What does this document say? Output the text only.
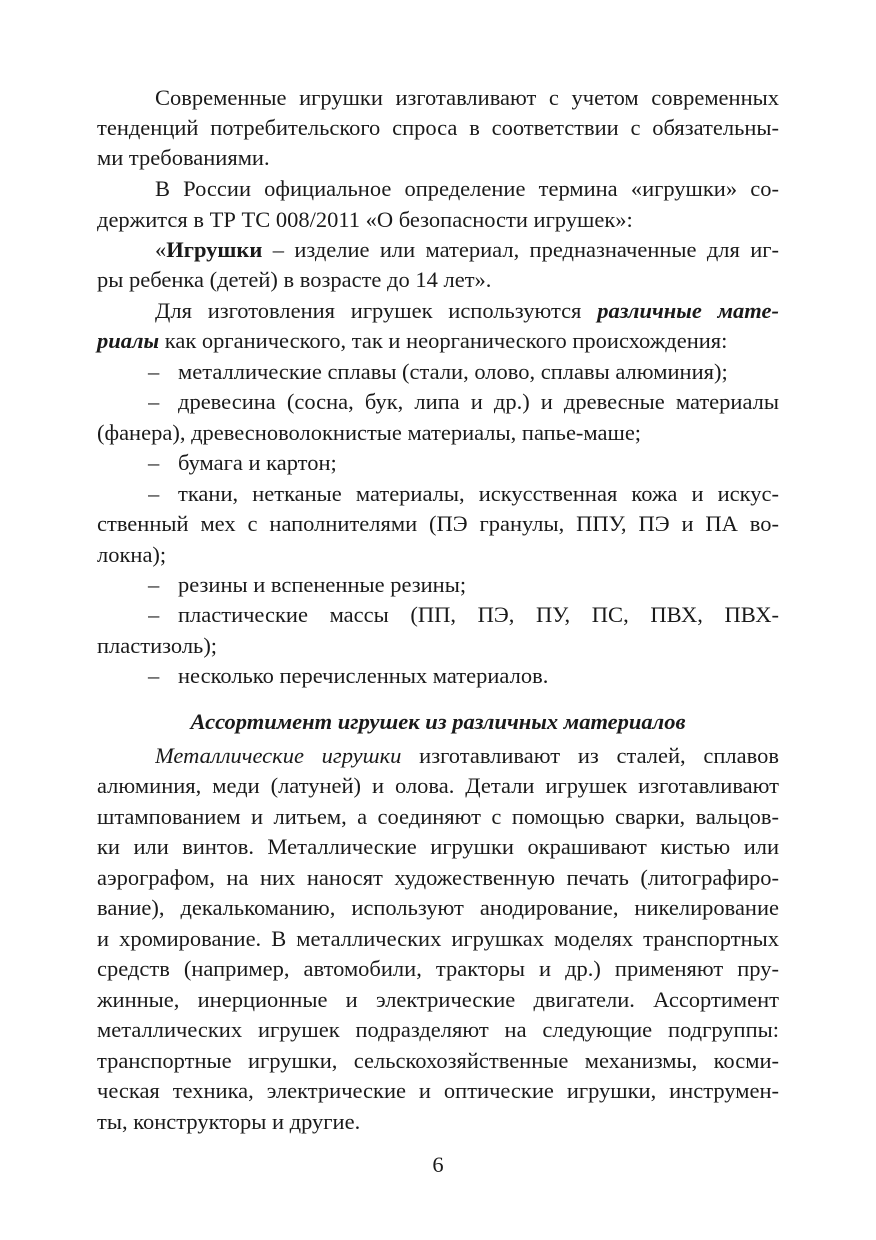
Современные игрушки изготавливают с учетом современных
тенденций потребительского спроса в соответствии с обязательны-
ми требованиями.
В России официальное определение термина «игрушки» со-
держится в ТР ТС 008/2011 «О безопасности игрушек»:
«Игрушки – изделие или материал, предназначенные для иг-
ры ребенка (детей) в возрасте до 14 лет».
Для изготовления игрушек используются различные мате-
риалы как органического, так и неорганического происхождения:
– металлические сплавы (стали, олово, сплавы алюминия);
– древесина (сосна, бук, липа и др.) и древесные материалы
(фанера), древесноволокнистые материалы, папье-маше;
– бумага и картон;
– ткани, нетканые материалы, искусственная кожа и искус-
ственный мех с наполнителями (ПЭ гранулы, ППУ, ПЭ и ПА во-
локна);
– резины и вспененные резины;
– пластические массы (ПП, ПЭ, ПУ, ПС, ПВХ, ПВХ-
пластизоль);
– несколько перечисленных материалов.
Ассортимент игрушек из различных материалов
Металлические игрушки изготавливают из сталей, сплавов
алюминия, меди (латуней) и олова. Детали игрушек изготавливают
штампованием и литьем, а соединяют с помощью сварки, вальцов-
ки или винтов. Металлические игрушки окрашивают кистью или
аэрографом, на них наносят художественную печать (литографиро-
вание), декалькоманию, используют анодирование, никелирование
и хромирование. В металлических игрушках моделях транспортных
средств (например, автомобили, тракторы и др.) применяют пру-
жинные, инерционные и электрические двигатели. Ассортимент
металлических игрушек подразделяют на следующие подгруппы:
транспортные игрушки, сельскохозяйственные механизмы, косми-
ческая техника, электрические и оптические игрушки, инструмен-
ты, конструкторы и другие.
6
